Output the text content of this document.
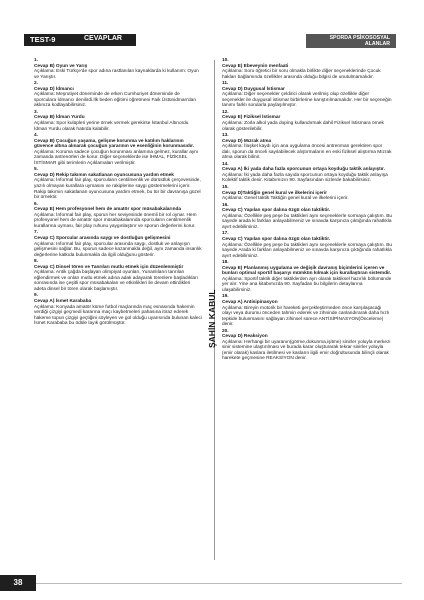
TEST-9	CEVAPLAR	SPORDA PSİKOSOSYAL
ALANLAR
1.
Cevap B) Oyun ve Yarış
Açıklama: Eski Türkçe'de spor adına rastlanılan kaynaklarda ki kullanım: Oyun ve Yarıştır.
2.
Cevap D) İdmancı
Açıklama: Meşrutiyet döneminde de erken Cumhuriyet döneminde de sporculara İdmancı denilirdi.İlk beden eğitimi öğretmeni Faik Üstünidman'dan aklınıza kodlayabilirsiniz.
3.
Cevap B) İdman Yurdu
Açıklama: Spor kulüpleri yerine örnek vermek gerekirse İstanbul Altınordu İdman Yurdu olarak hatırda kalabilir.
4.
Cevap B) Çocuğun yaşama, gelişme korunma ve katılım haklarının güvence altına alınarak çocuğun yararının ve esenliğinin korunmasıdır.
Açıklama: Koruma sadece çocuğun korunması anlamına gelmez, kurallar aynı zamanda antrenörleri de korur. Diğer seçeneklerde ise İHMAL, FİZİKSEL İSTİSMAR gibi terimlerin Açıklamaları verilmiştir.
5.
Cevap D) Rekip takımın sakatlanan oyuncusuna yardım etmek
Açıklama: İnformal fair play, sporcuların centilmenlik ve dürüstlük çerçevesinde, yazılı olmayan kurallara uymasını ve rakiplerine saygı göstermelerini içerir. Rakip takımın sakatlanan oyuncusuna yardım etmek, bu tür bir davranışa güzel bir örnektir.
6.
Cevap E) Hem profesyonel hem de amatör spor müsabakalarında
Açıklama: İnformal fair play, sporun her seviyesinde önemli bir rol oynar. Hem profesyonel hem de amatör spor müsabakalarında sporcuların centilmenlik kurallarına uyması, fair play ruhunu yaygınlaştırır ve sporun değerlerini korur.
7.
Cevap C) Sporcular arasında saygı ve dostluğun gelişmesini
Açıklama: Informal fair play, sporcular arasında saygı, dostluk ve anlayışın gelişmesini sağlar. Bu, sporun sadece kazanmakla değil, aynı zamanda insanlık değerlerine katkıda bulunmakla da ilgili olduğunu gösterir.
8.
Cevap C) Dinsel tören ve Tanrıları mutlu etmek için düzenlenmiştir
Açıklama: Antik çağda başlayan olimpiyat oyunları, Yunanlıların tanrıları eğlendirmek ve onları mutlu etmek adına adak adayarak törenlere başladıkları sonrasında ise çeşitli spor müsabakaları ve etkinlikleri ile devam ettirdikleri adeta dinsel bir tören olarak başlamıştır.
9.
Cevap A) İsmet Karababa
Açıklama: Konyada amatör küme futbol maçlarında maç esnasında hakemin verdiği çizgiyi geçmedi kararına maçı kaybetmeleri pahasına itiraz ederek hakeme topun çizgiyi geçtiğini söyleyen ve gol olduğu uyarısında bulunan kaleci İsmet Karababa bu ödüle layık görülmüştür.	ŞAHİN KABUL
10.
Cevap E) Ebeveynin menfaati
Açıklama: Soru öğretici bir soru olmakla birlikte diğer seçeneklerinde Çocuk hakları bağlamında özellikler arasında olduğu bilgisi de unutulmamalıdır.
11.
Cevap D) Duygusal İstismar
Açıklama: Diğer seçenekler çeldirici olarak verilmiş olup özellikle diğer seçenekler ile duygusal istismar birbirlerine karıştırılmamalıdır. Her bir seçeneğin tanımı farklı sorularla paylaşılmıştır.
12.
Cevap E) Fiziksel İstismar
Açıklama: Zorla alkol yada doping kullandırmak dahil Fiziksel İstismara örnek olarak gösterilebilir.
13.
Cevap D) Mızrak atma
Açıklama: İlaşket kaydı için ana uygulama öncesi antrenman gerektiren spor dalı, sporun da önceli sayılabilecek alıştırmaların en eski fiziksel alıştırma Mızrak atma olarak bilinir.
14.
Cevap A) İki yada daha fazla sporcunun ortaya koyduğu taktik anlayıştır.
Açıklama: İki yada daha fazla sayıda sporcunun ortaya koyduğu taktik anlayışa Kolektif taktik denir. Kitabımızın 90. Sayfasından sizlerde bakabilirsiniz.
15.
Cevap D)Taktiğin genel kural ve ilkelerini içerir
Açıklama: Genel taktik Taktiğin genel kural ve ilkelerini içerir.
16.
Cevap C) Yapılan spor dalına özgü olan taktiktir.
Açıklama: Özellikle peş peşe bu taktikleri aynı seçeneklerle sormaya çalıştım. Bu sayede arada ki farkları anlayabilmeniz ve sınavda karşınıza çıktığında rahatlıkla ayırt edebilirsiniz.
17.
Cevap C) Yapılan spor dalına özgü olan taktiktir.
Açıklama: Özellikle peş peşe bu taktikleri aynı seçeneklerle sormaya çalıştım. Bu sayede Arada ki farkları anlayabilmeniz ve sınavda karşınıza çıktığında rahatlıkla ayırt edebilirsiniz.
18.
Cevap E) Planlanmış uygulama ve değişik davranış biçimlerini içeren ve bunları optimal sportif başarıyı mümkün kılmak için kurallaştıran sistemdir.
Açıklama: Sportif taktik diğer taktiklerden ayrı olarak taktiksel hazırlık bölümünde yer alır. Yine ana kitabımızda 90. Sayfadan bu bilgilerin detaylarına ulaşabilirsiniz.
19.
Cevap A) Antisipinasyon
Açıklama: Bireyin motorik bir hareketi gerçekleştirmeden önce karşılaşacağı olayı veya durumu önceden tahmin ederek ve zihninde canlandırarak daha hızlı tepkide bulunmasını sağlayan zihinsel sürece ANTİSİPİNASYON(Önceleme) denir.
20.
Cevap D) Reaksiyon
Açıklama: Herhangi bir uyaranın(görme,dokunma,işitme) sinirler yoluyla merkezi sinir sistemine ulaştırılması ve burada karar oluşturarak tekrar sinirler yoluyla (emir olarak) kaslara iletilmesi ve kasların ilgili emir doğrultusunda bilinçli olarak harekete geçmesine REAKSİYON denir.
38
